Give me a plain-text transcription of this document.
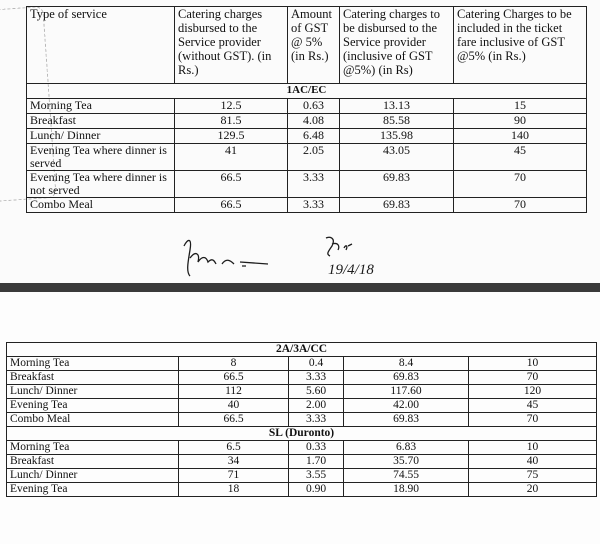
Type of service	Catering charges disbursed to the Service provider (without GST). (in Rs.)	Amount of GST @ 5% (in Rs.)	Catering charges to be disbursed to the Service provider (inclusive of GST @5%) (in Rs)	Catering Charges to be included in the ticket fare inclusive of GST @5% (in Rs.)
1AC/EC				
Morning Tea	12.5	0.63	13.13	15
Breakfast	81.5	4.08	85.58	90
Lunch/ Dinner	129.5	6.48	135.98	140
Evening Tea where dinner is served	41	2.05	43.05	45
Evening Tea where dinner is not served	66.5	3.33	69.83	70
Combo Meal	66.5	3.33	69.83	70
19/4/18
2A/3A/CC				
Morning Tea	8	0.4	8.4	10
Breakfast	66.5	3.33	69.83	70
Lunch/ Dinner	112	5.60	117.60	120
Evening Tea	40	2.00	42.00	45
Combo Meal	66.5	3.33	69.83	70
SL (Duronto)				
Morning Tea	6.5	0.33	6.83	10
Breakfast	34	1.70	35.70	40
Lunch/ Dinner	71	3.55	74.55	75
Evening Tea	18	0.90	18.90	20
